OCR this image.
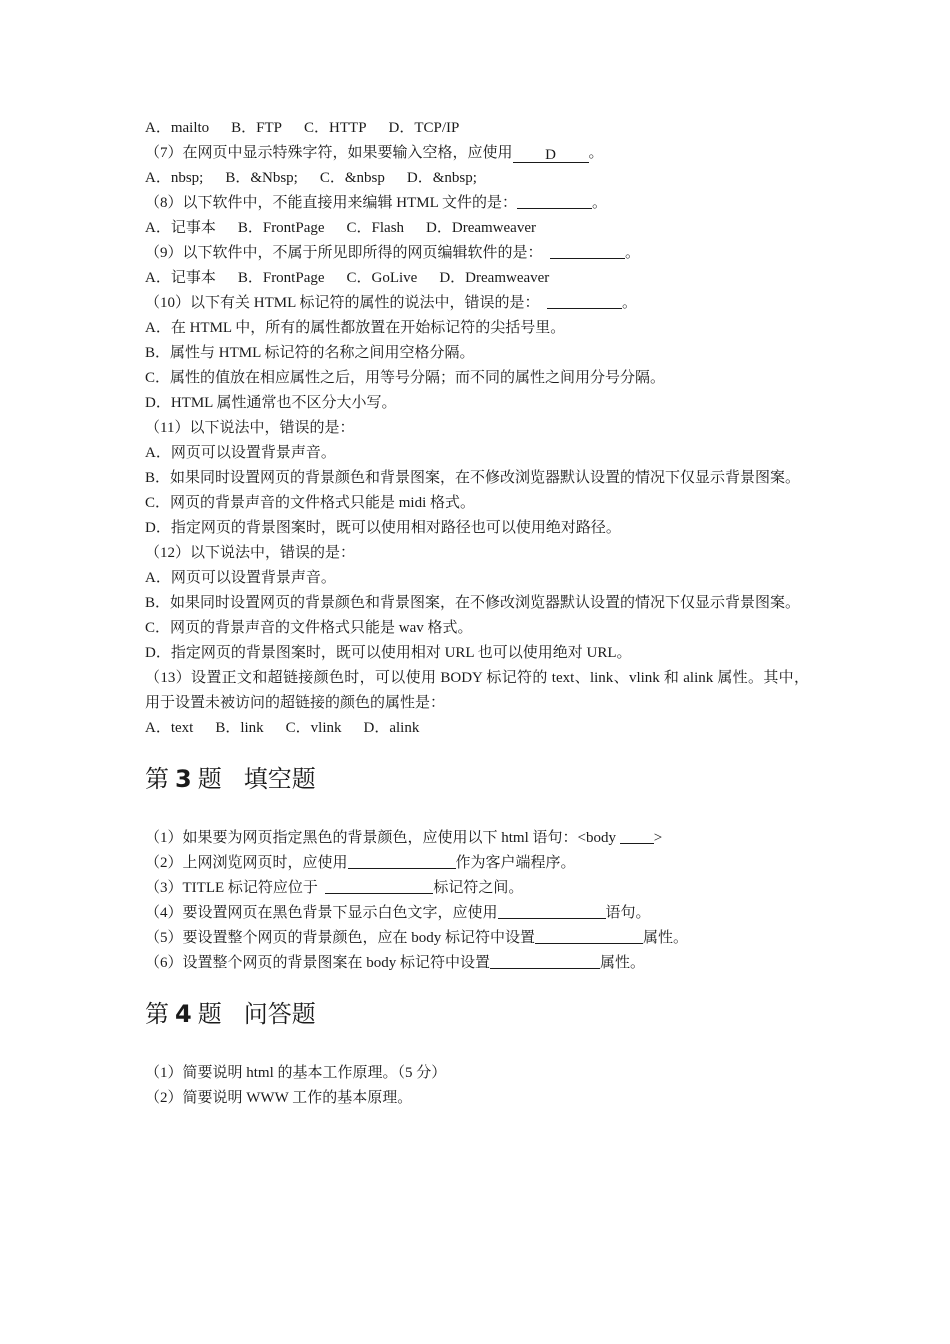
A．mailto B．FTP C．HTTP D．TCP/IP
（7）在网页中显示特殊字符，如果要输入空格，应使用 D 。
A．nbsp; B．&Nbsp; C．&nbsp D．&nbsp;
（8）以下软件中，不能直接用来编辑 HTML 文件的是：	。
A．记事本 B．FrontPage C．Flash D．Dreamweaver
（9）以下软件中，不属于所见即所得的网页编辑软件的是：	。
A．记事本 B．FrontPage C．GoLive D．Dreamweaver
（10）以下有关 HTML 标记符的属性的说法中，错误的是：	。
A．在 HTML 中，所有的属性都放置在开始标记符的尖括号里。
B．属性与 HTML 标记符的名称之间用空格分隔。
C．属性的值放在相应属性之后，用等号分隔；而不同的属性之间用分号分隔。
D．HTML 属性通常也不区分大小写。
（11）以下说法中，错误的是：
A．网页可以设置背景声音。
B．如果同时设置网页的背景颜色和背景图案，在不修改浏览器默认设置的情况下仅显示背景图案。
C．网页的背景声音的文件格式只能是 midi 格式。
D．指定网页的背景图案时，既可以使用相对路径也可以使用绝对路径。
（12）以下说法中，错误的是：
A．网页可以设置背景声音。
B．如果同时设置网页的背景颜色和背景图案，在不修改浏览器默认设置的情况下仅显示背景图案。
C．网页的背景声音的文件格式只能是 wav 格式。
D．指定网页的背景图案时，既可以使用相对 URL 也可以使用绝对 URL。
（13）设置正文和超链接颜色时，可以使用 BODY 标记符的 text、link、vlink 和 alink 属性。其中，用于设置未被访问的超链接的颜色的属性是：
A．text B．link C．vlink D．alink
第 3 题 填空题
（1）如果要为网页指定黑色的背景颜色，应使用以下 html 语句：<body >
（2）上网浏览网页时，应使用	作为客户端程序。
（3）TITLE 标记符应位于	标记符之间。
（4）要设置网页在黑色背景下显示白色文字，应使用	语句。
（5）要设置整个网页的背景颜色，应在 body 标记符中设置	属性。
（6）设置整个网页的背景图案在 body 标记符中设置	属性。
第 4 题 问答题
（1）简要说明 html 的基本工作原理。（5 分）
（2）简要说明 WWW 工作的基本原理。
